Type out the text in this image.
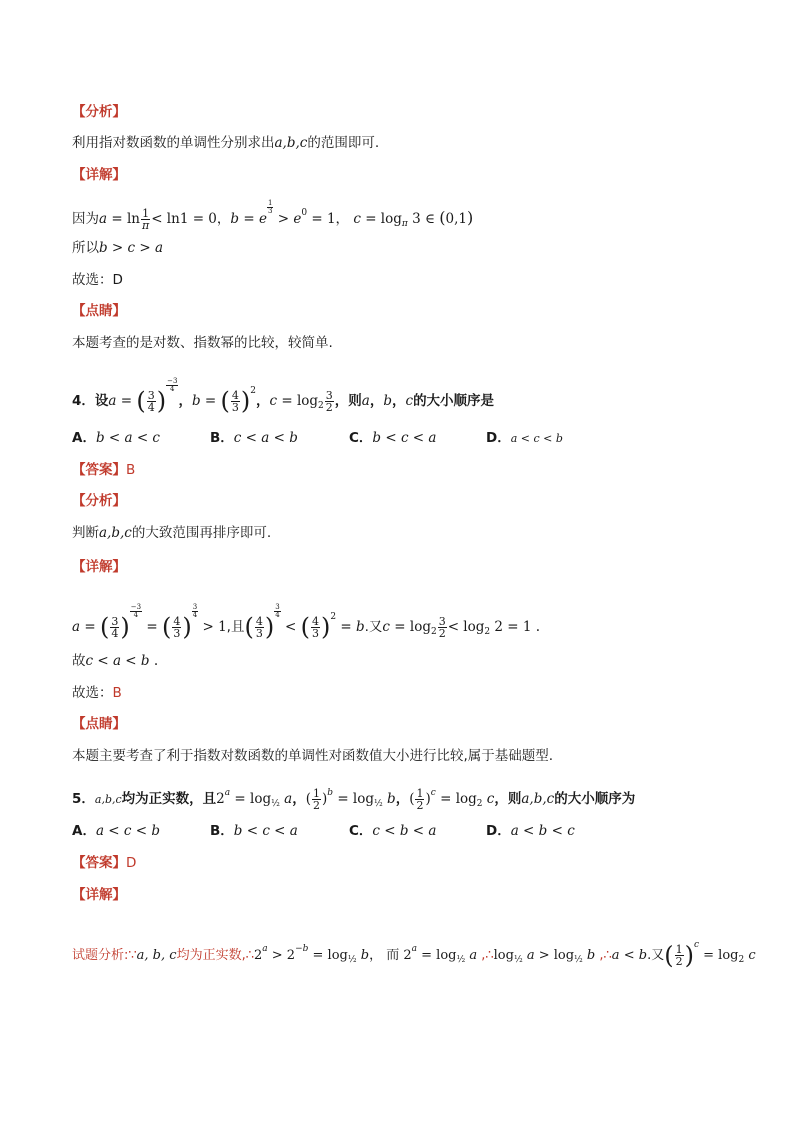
【分析】
利用指对数函数的单调性分别求出a,b,c的范围即可.
【详解】
因为$a = \ln \frac{1}{\pi} < \ln 1 = 0$，b = e
$\frac{1}{3}$
> $e^0 = 1$， $c = \log_\pi 3$ ∈ (0,1)
所以b > c > a
故选：D
【点睛】
本题考查的是对数、指数幂的比较，较简单.
4．设a = ( $\frac{3}{4}$ )
$\frac{-3}{4}$
，b = ( $\frac{4}{3} )^2$，$c = \log_2 \frac{3}{2}$ ，则a，b，c的大小顺序是
A．b < a < c	B．c < a < b	C．b < c < a	D．a < c < b
【答案】B
【分析】
判断a,b,c的大致范围再排序即可.
【详解】
a = ( $\frac{3}{4}$ )
$\frac{-3}{4}$
= ( $\frac{4}{3}$ )
$\frac{3}{4}$
> 1,且( $\frac{4}{3}$ )
$\frac{3}{4}$
< ( $\frac{4}{3} )^2 = b$.又$c = \log_2 \frac{3}{2} < \log_2 2 = 1$ .
故c < a < b .
故选：B
【点睛】
本题主要考查了利于指数对数函数的单调性对函数值大小进行比较,属于基础题型.
5．a,b,c均为正实数，且$2^a = \log_{\frac{1}{2}} a$，( $\frac{1}{2} )^b = \log_{\frac{1}{2}} b$，( $\frac{1}{2} )^c = \log_2 c$，则a,b,c的大小顺序为
A．a < c < b	B．b < c < a	C．c < b < a	D．a < b < c
【答案】D
【详解】
试题分析:∵a, b, c均为正实数$,\therefore 2^a > 2^{-b} = \log_{\frac{1}{2}} b$， 而 $2^a = \log_{\frac{1}{2}} a$ $,\therefore\log_{\frac{1}{2}}$ $a > \log_{\frac{1}{2}} b$ ,∴a < b.又( $\frac{1}{2} )^c = \log_2 c$
